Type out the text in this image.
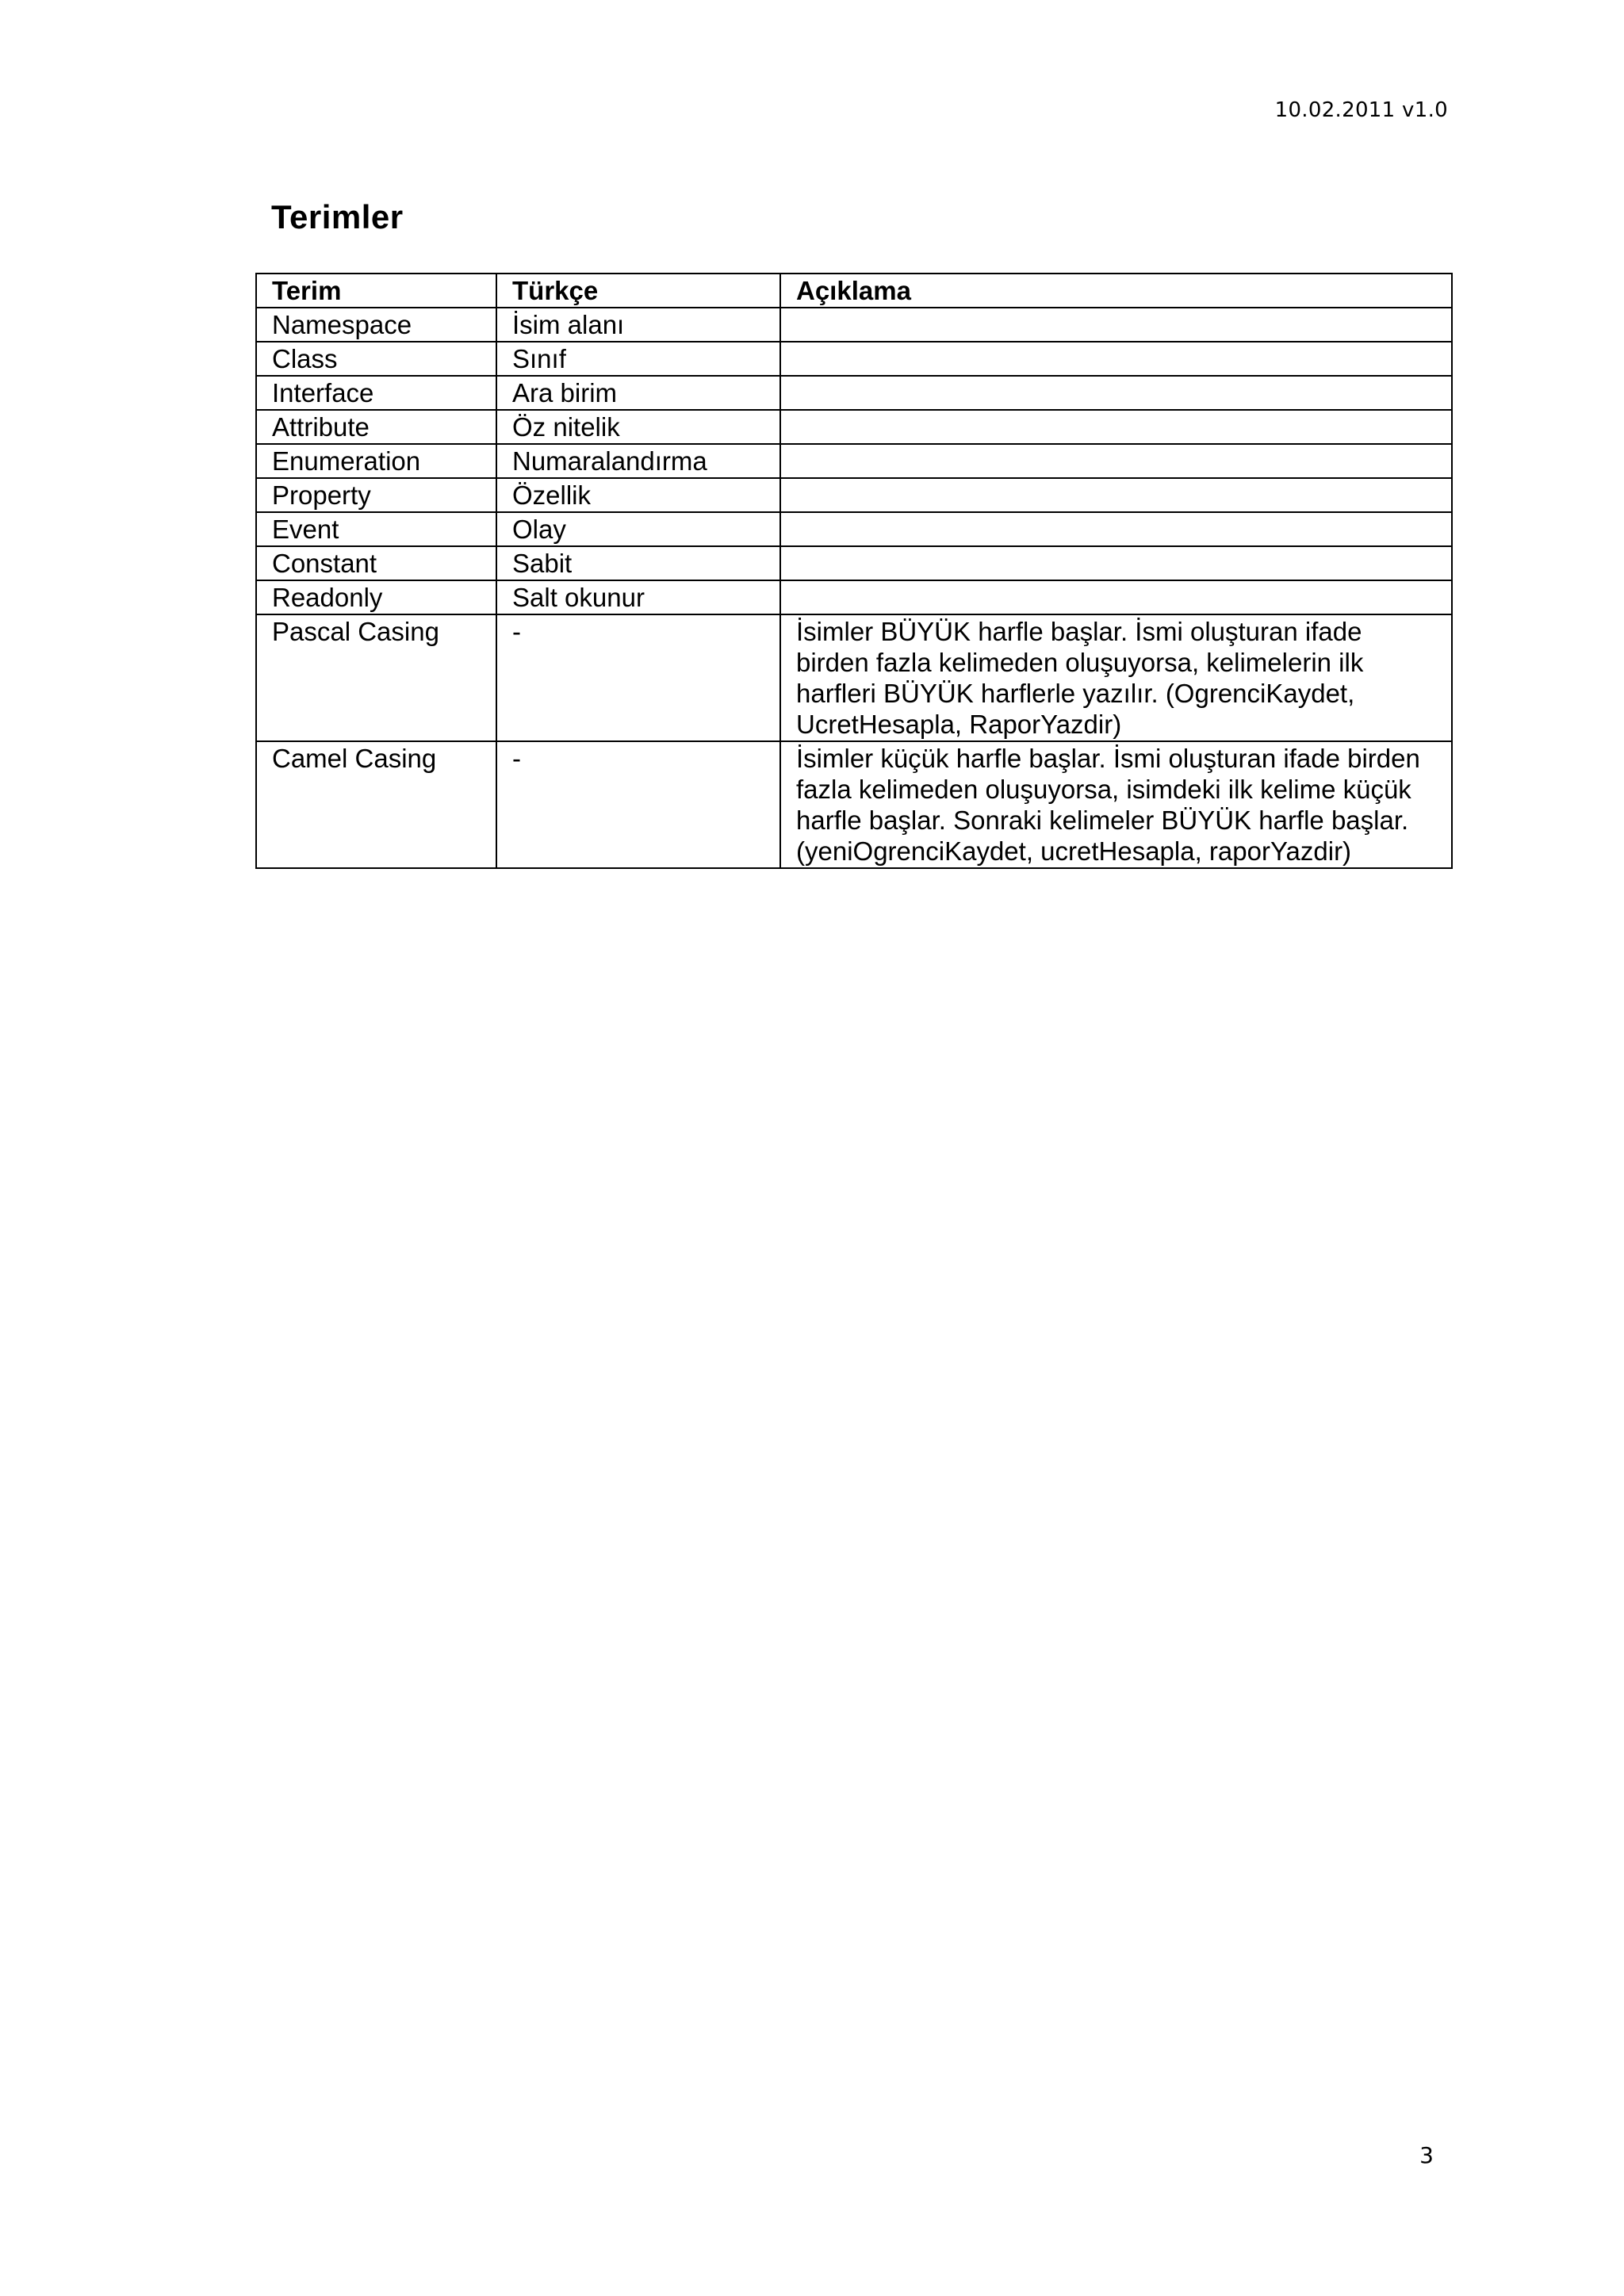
10.02.2011 v1.0
Terimler
Terim	Türkçe	Açıklama
Namespace	İsim alanı	
Class	Sınıf	
Interface	Ara birim	
Attribute	Öz nitelik	
Enumeration	Numaralandırma	
Property	Özellik	
Event	Olay	
Constant	Sabit	
Readonly	Salt okunur	
Pascal Casing	-	İsimler BÜYÜK harfle başlar. İsmi oluşturan ifade birden fazla kelimeden oluşuyorsa, kelimelerin ilk harfleri BÜYÜK harflerle yazılır. (OgrenciKaydet, UcretHesapla, RaporYazdir)
Camel Casing	-	İsimler küçük harfle başlar. İsmi oluşturan ifade birden fazla kelimeden oluşuyorsa, isimdeki ilk kelime küçük harfle başlar. Sonraki kelimeler BÜYÜK harfle başlar. (yeniOgrenciKaydet, ucretHesapla, raporYazdir)
3
